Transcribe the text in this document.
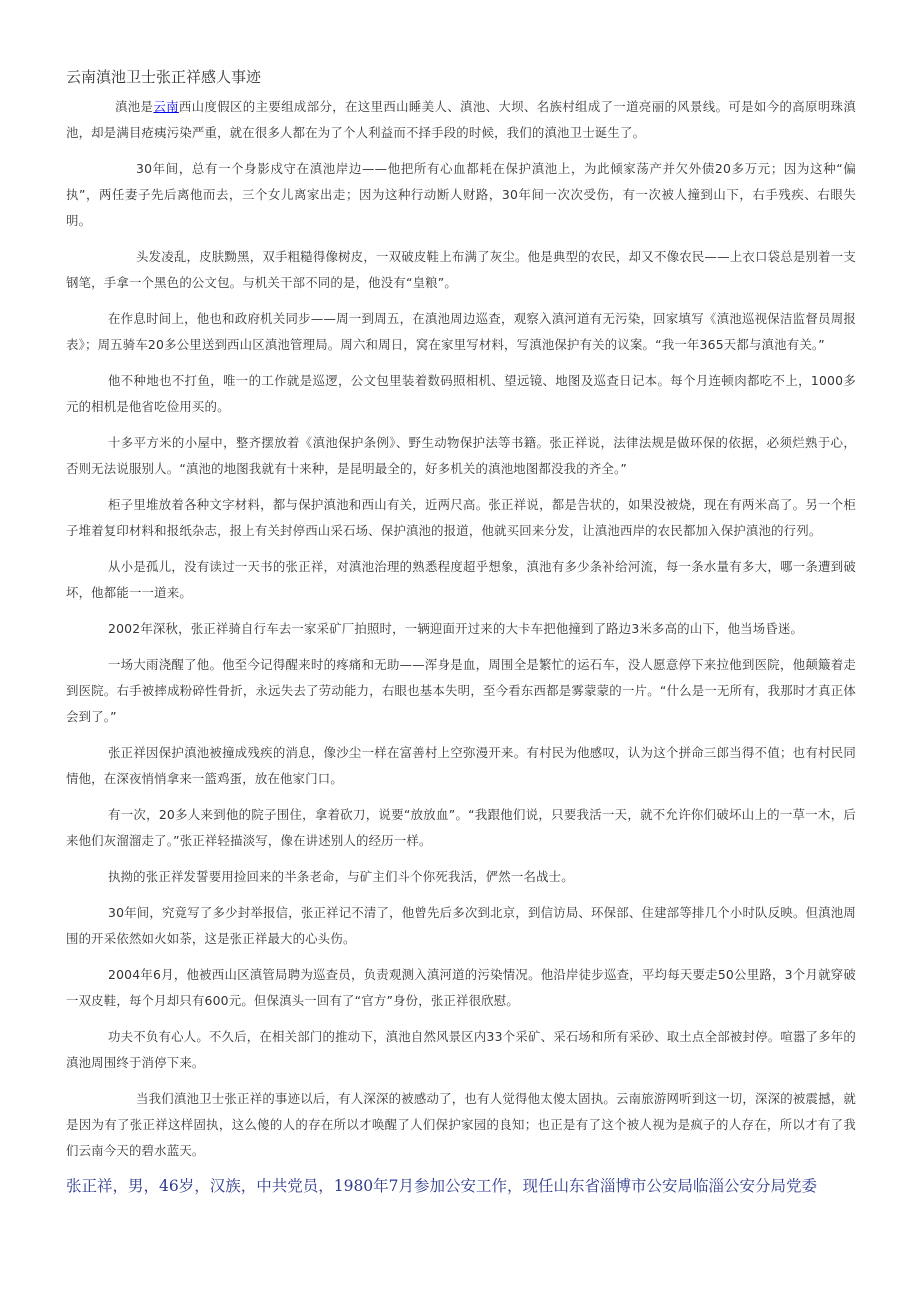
云南滇池卫士张正祥感人事迹

滇池是云南西山度假区的主要组成部分，在这里西山睡美人、滇池、大坝、名族村组成了一道亮丽的风景线。可是如今的高原明珠滇池，却是满目疮痍污染严重，就在很多人都在为了个人利益而不择手段的时候，我们的滇池卫士诞生了。

30年间，总有一个身影戍守在滇池岸边——他把所有心血都耗在保护滇池上，为此倾家荡产并欠外债20多万元；因为这种“偏执”，两任妻子先后离他而去，三个女儿离家出走；因为这种行动断人财路，30年间一次次受伤，有一次被人撞到山下，右手残疾、右眼失明。

头发凌乱，皮肤黝黑，双手粗糙得像树皮，一双破皮鞋上布满了灰尘。他是典型的农民，却又不像农民——上衣口袋总是别着一支钢笔，手拿一个黑色的公文包。与机关干部不同的是，他没有“皇粮”。

在作息时间上，他也和政府机关同步——周一到周五，在滇池周边巡查，观察入滇河道有无污染，回家填写《滇池巡视保洁监督员周报表》；周五骑车20多公里送到西山区滇池管理局。周六和周日，窝在家里写材料，写滇池保护有关的议案。“我一年365天都与滇池有关。”

他不种地也不打鱼，唯一的工作就是巡逻，公文包里装着数码照相机、望远镜、地图及巡查日记本。每个月连顿肉都吃不上，1000多元的相机是他省吃俭用买的。

十多平方米的小屋中，整齐摆放着《滇池保护条例》、野生动物保护法等书籍。张正祥说，法律法规是做环保的依据，必须烂熟于心，否则无法说服别人。“滇池的地图我就有十来种，是昆明最全的，好多机关的滇池地图都没我的齐全。”

柜子里堆放着各种文字材料，都与保护滇池和西山有关，近两尺高。张正祥说，都是告状的，如果没被烧，现在有两米高了。另一个柜子堆着复印材料和报纸杂志，报上有关封停西山采石场、保护滇池的报道，他就买回来分发，让滇池西岸的农民都加入保护滇池的行列。

从小是孤儿，没有读过一天书的张正祥，对滇池治理的熟悉程度超乎想象，滇池有多少条补给河流，每一条水量有多大，哪一条遭到破坏，他都能一一道来。

2002年深秋，张正祥骑自行车去一家采矿厂拍照时，一辆迎面开过来的大卡车把他撞到了路边3米多高的山下，他当场昏迷。

一场大雨浇醒了他。他至今记得醒来时的疼痛和无助——浑身是血，周围全是繁忙的运石车，没人愿意停下来拉他到医院，他颠簸着走到医院。右手被摔成粉碎性骨折，永远失去了劳动能力，右眼也基本失明，至今看东西都是雾蒙蒙的一片。“什么是一无所有，我那时才真正体会到了。”

张正祥因保护滇池被撞成残疾的消息，像沙尘一样在富善村上空弥漫开来。有村民为他感叹，认为这个拼命三郎当得不值；也有村民同情他，在深夜悄悄拿来一篮鸡蛋，放在他家门口。

有一次，20多人来到他的院子围住，拿着砍刀，说要“放放血”。“我跟他们说，只要我活一天，就不允许你们破坏山上的一草一木，后来他们灰溜溜走了。”张正祥轻描淡写，像在讲述别人的经历一样。

执拗的张正祥发誓要用捡回来的半条老命，与矿主们斗个你死我活，俨然一名战士。

30年间，究竟写了多少封举报信，张正祥记不清了，他曾先后多次到北京，到信访局、环保部、住建部等排几个小时队反映。但滇池周围的开采依然如火如荼，这是张正祥最大的心头伤。

2004年6月，他被西山区滇管局聘为巡查员，负责观测入滇河道的污染情况。他沿岸徒步巡查，平均每天要走50公里路，3个月就穿破一双皮鞋，每个月却只有600元。但保滇头一回有了“官方”身份，张正祥很欣慰。

功夫不负有心人。不久后，在相关部门的推动下，滇池自然风景区内33个采矿、采石场和所有采砂、取土点全部被封停。喧嚣了多年的滇池周围终于消停下来。

当我们滇池卫士张正祥的事迹以后，有人深深的被感动了，也有人觉得他太傻太固执。云南旅游网听到这一切，深深的被震撼，就是因为有了张正祥这样固执，这么傻的人的存在所以才唤醒了人们保护家园的良知；也正是有了这个被人视为是疯子的人存在，所以才有了我们云南今天的碧水蓝天。

张正祥，男，46岁，汉族，中共党员，1980年7月参加公安工作，现任山东省淄博市公安局临淄公安分局党委
